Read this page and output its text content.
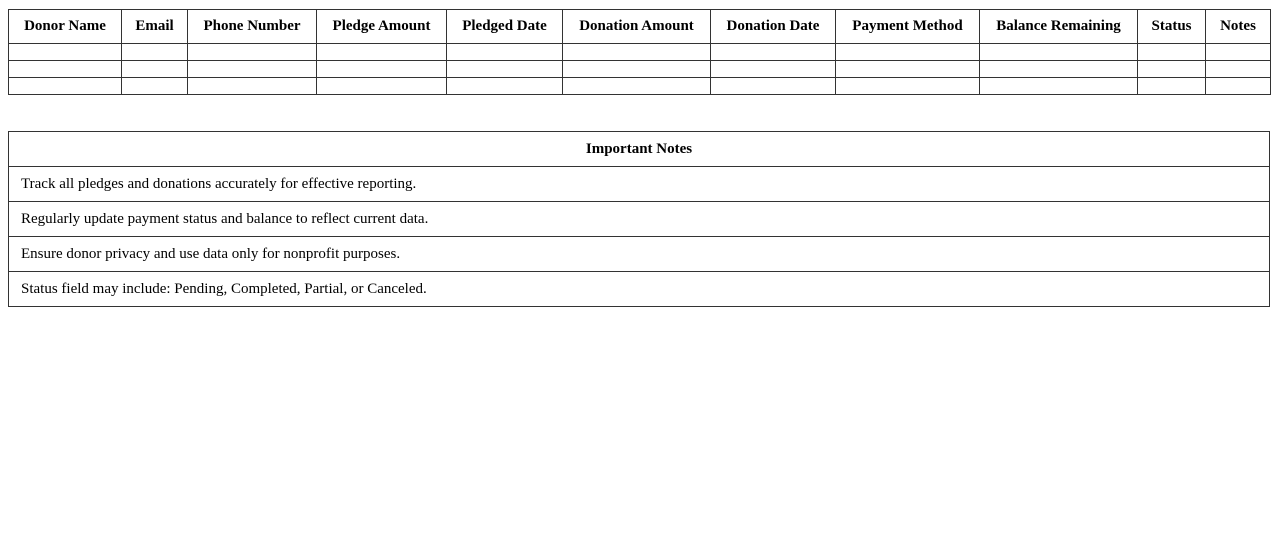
Donor Name	Email	Phone Number	Pledge Amount	Pledged Date	Donation Amount	Donation Date	Payment Method	Balance Remaining	Status	Notes

Important Notes
Track all pledges and donations accurately for effective reporting.
Regularly update payment status and balance to reflect current data.
Ensure donor privacy and use data only for nonprofit purposes.
Status field may include: Pending, Completed, Partial, or Canceled.
